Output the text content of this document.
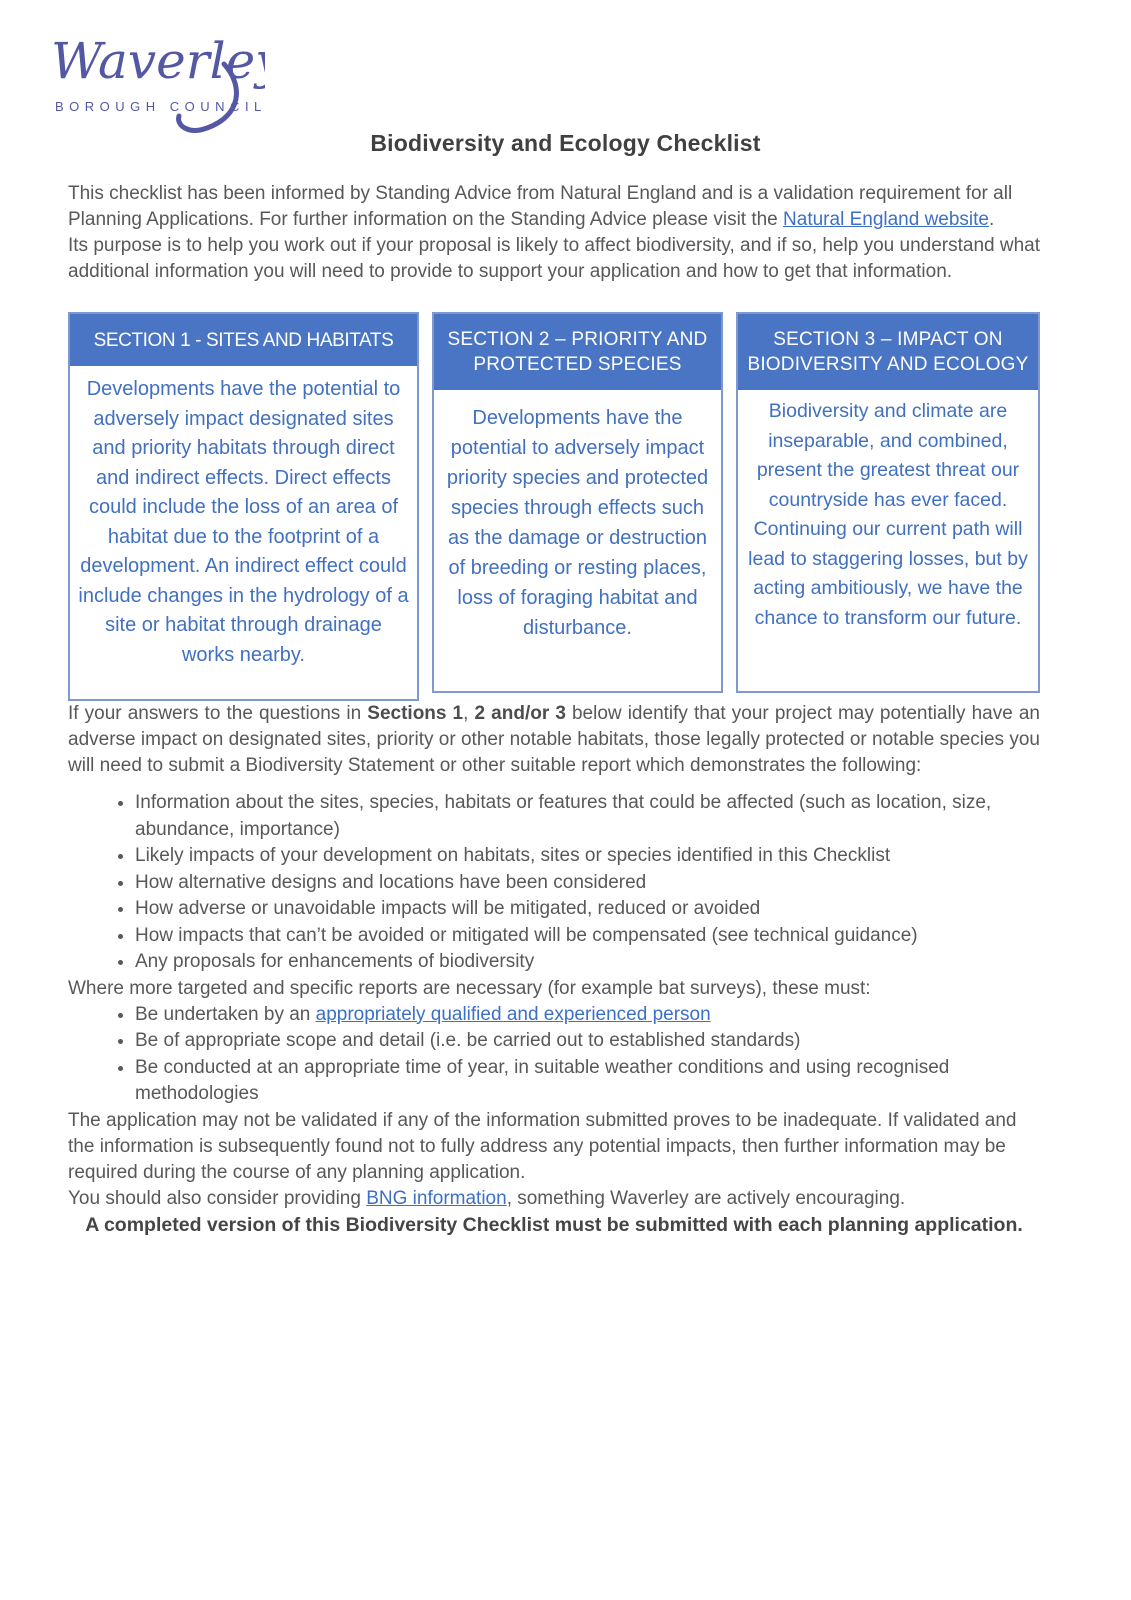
Waverley
BOROUGH COUNCIL
Biodiversity and Ecology Checklist

This checklist has been informed by Standing Advice from Natural England and is a validation requirement for all Planning Applications. For further information on the Standing Advice please visit the Natural England website.

Its purpose is to help you work out if your proposal is likely to affect biodiversity, and if so, help you understand what additional information you will need to provide to support your application and how to get that information.

SECTION 1 - SITES AND HABITATS
Developments have the potential to adversely impact designated sites and priority habitats through direct and indirect effects. Direct effects could include the loss of an area of habitat due to the footprint of a development. An indirect effect could include changes in the hydrology of a site or habitat through drainage works nearby.
SECTION 2 – PRIORITY AND PROTECTED SPECIES
Developments have the potential to adversely impact priority species and protected species through effects such as the damage or destruction of breeding or resting places, loss of foraging habitat and disturbance.
SECTION 3 – IMPACT ON BIODIVERSITY AND ECOLOGY
Biodiversity and climate are inseparable, and combined, present the greatest threat our countryside has ever faced. Continuing our current path will lead to staggering losses, but by acting ambitiously, we have the chance to transform our future.

If your answers to the questions in Sections 1, 2 and/or 3 below identify that your project may potentially have an adverse impact on designated sites, priority or other notable habitats, those legally protected or notable species you will need to submit a Biodiversity Statement or other suitable report which demonstrates the following:

• Information about the sites, species, habitats or features that could be affected (such as location, size, abundance, importance)
• Likely impacts of your development on habitats, sites or species identified in this Checklist
• How alternative designs and locations have been considered
• How adverse or unavoidable impacts will be mitigated, reduced or avoided
• How impacts that can’t be avoided or mitigated will be compensated (see technical guidance)
• Any proposals for enhancements of biodiversity

Where more targeted and specific reports are necessary (for example bat surveys), these must:

• Be undertaken by an appropriately qualified and experienced person
• Be of appropriate scope and detail (i.e. be carried out to established standards)
• Be conducted at an appropriate time of year, in suitable weather conditions and using recognised methodologies

The application may not be validated if any of the information submitted proves to be inadequate. If validated and the information is subsequently found not to fully address any potential impacts, then further information may be required during the course of any planning application.

You should also consider providing BNG information, something Waverley are actively encouraging.

A completed version of this Biodiversity Checklist must be submitted with each planning application.
